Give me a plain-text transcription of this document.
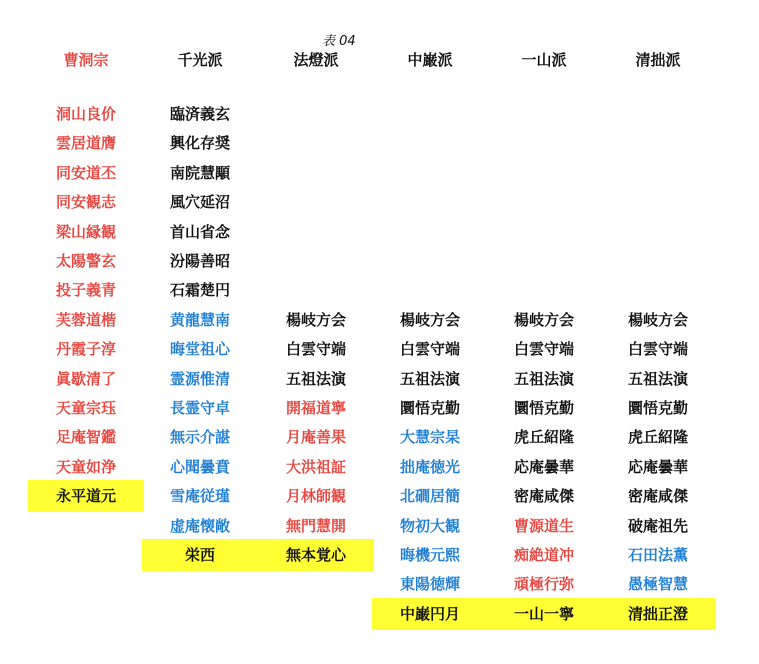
表 04
曹洞宗
洞山良价
雲居道膺
同安道丕
同安観志
梁山縁観
太陽警玄
投子義青
芙蓉道楷
丹霞子淳
眞歇清了
天童宗珏
足庵智鑑
天童如浄
永平道元
千光派
臨済義玄
興化存奨
南院慧顒
風穴延沼
首山省念
汾陽善昭
石霜楚円
黄龍慧南
晦堂祖心
霊源惟清
長霊守卓
無示介諶
心聞曇賁
雪庵従瑾
虚庵懐敞
栄西
法燈派
楊岐方会
白雲守端
五祖法演
開福道寧
月庵善果
大洪祖証
月林師観
無門慧開
無本覚心
中巌派
楊岐方会
白雲守端
五祖法演
圜悟克勤
大慧宗杲
拙庵徳光
北磵居簡
物初大観
晦機元熙
東陽徳輝
中巌円月
一山派
楊岐方会
白雲守端
五祖法演
圜悟克勤
虎丘紹隆
応庵曇華
密庵咸傑
曹源道生
痴絶道冲
頑極行弥
一山一寧
清拙派
楊岐方会
白雲守端
五祖法演
圜悟克勤
虎丘紹隆
応庵曇華
密庵咸傑
破庵祖先
石田法薫
愚極智慧
清拙正澄
